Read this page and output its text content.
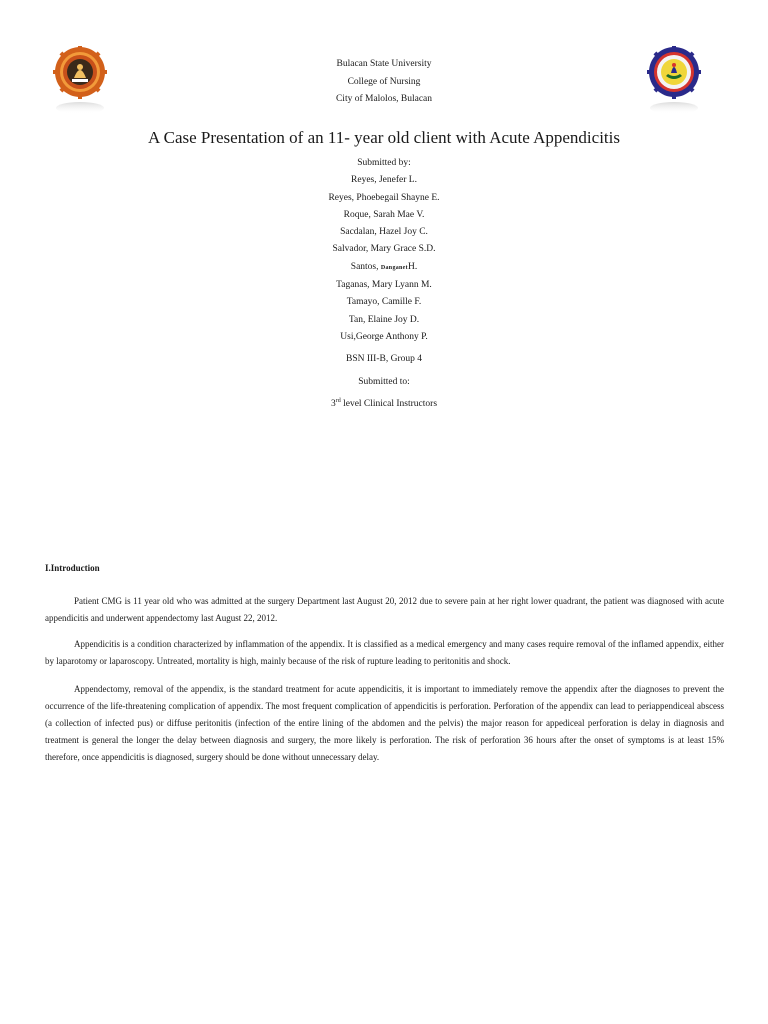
Bulacan State University
College of Nursing
City of Malolos, Bulacan
A Case Presentation of an 11- year old client with Acute Appendicitis
Submitted by:
Reyes, Jenefer L.
Reyes, Phoebegail Shayne E.
Roque, Sarah Mae V.
Sacdalan, Hazel Joy C.
Salvador, Mary Grace S.D.
Santos, DanganetH.
Taganas, Mary Lyann M.
Tamayo, Camille F.
Tan, Elaine Joy D.
Usi,George Anthony P.
BSN III-B, Group 4
Submitted to:
3rd level Clinical Instructors
I.Introduction

Patient CMG is 11 year old who was admitted at the surgery Department last August 20, 2012 due to severe pain at her right lower quadrant, the patient was diagnosed with acute appendicitis and underwent appendectomy last August 22, 2012.

Appendicitis is a condition characterized by inflammation of the appendix. It is classified as a medical emergency and many cases require removal of the inflamed appendix, either by laparotomy or laparoscopy. Untreated, mortality is high, mainly because of the risk of rupture leading to peritonitis and shock.

Appendectomy, removal of the appendix, is the standard treatment for acute appendicitis, it is important to immediately remove the appendix after the diagnoses to prevent the occurrence of the life-threatening complication of appendix. The most frequent complication of appendicitis is perforation. Perforation of the appendix can lead to periappendiceal abscess (a collection of infected pus) or diffuse peritonitis (infection of the entire lining of the abdomen and the pelvis) the major reason for appediceal perforation is delay in diagnosis and treatment is general the longer the delay between diagnosis and surgery, the more likely is perforation. The risk of perforation 36 hours after the onset of symptoms is at least 15% therefore, once appendicitis is diagnosed, surgery should be done without unnecessary delay.
